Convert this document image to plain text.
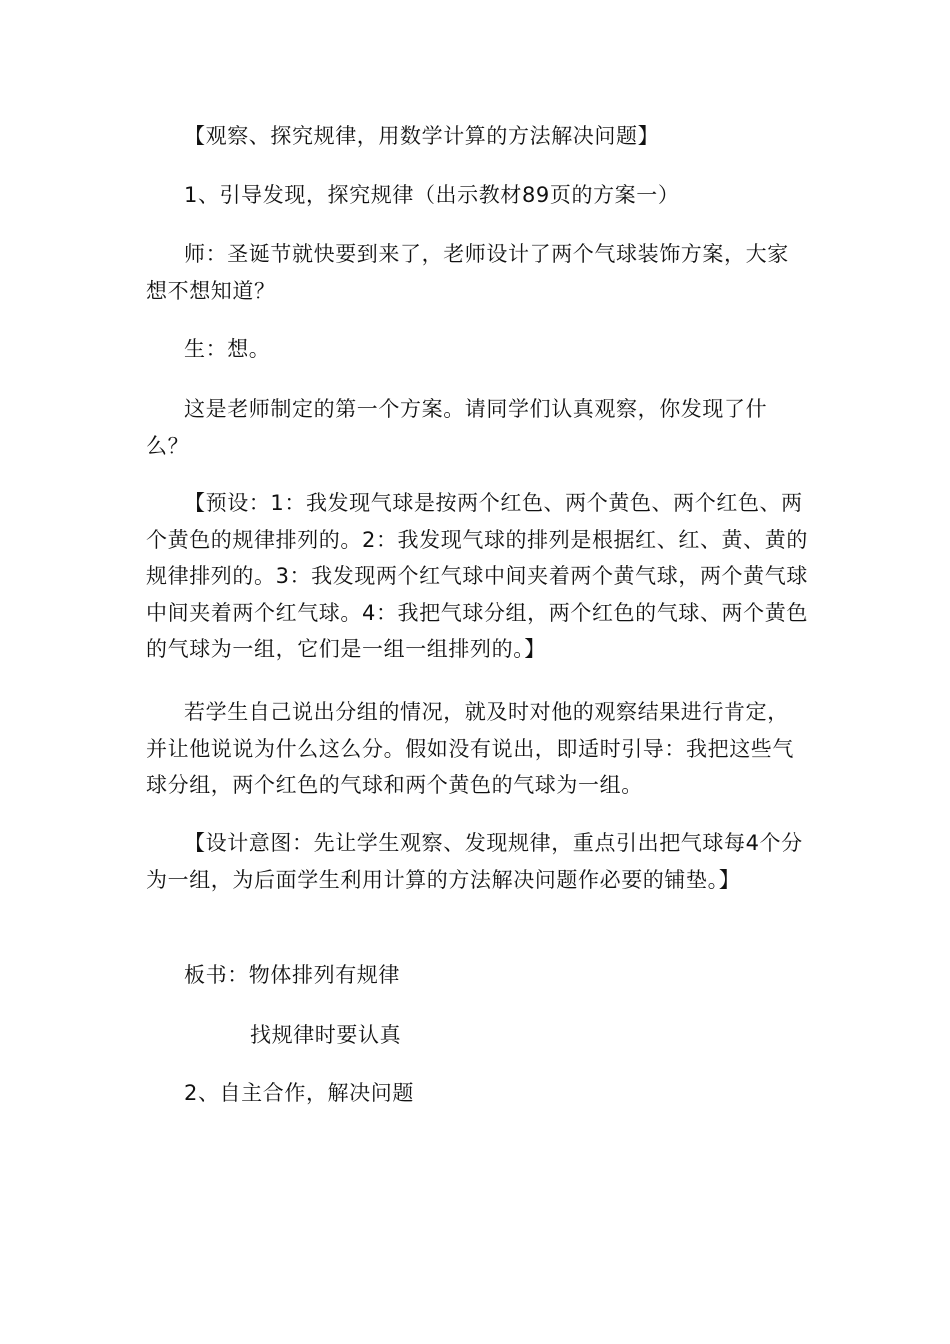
【观察、探究规律，用数学计算的方法解决问题】
1、引导发现，探究规律（出示教材89页的方案一）
师：圣诞节就快要到来了，老师设计了两个气球装饰方案，大家想不想知道？
生：想。
这是老师制定的第一个方案。请同学们认真观察，你发现了什么？
【预设：1：我发现气球是按两个红色、两个黄色、两个红色、两个黄色的规律排列的。2：我发现气球的排列是根据红、红、黄、黄的规律排列的。3：我发现两个红气球中间夹着两个黄气球，两个黄气球中间夹着两个红气球。4：我把气球分组，两个红色的气球、两个黄色的气球为一组，它们是一组一组排列的。】
若学生自己说出分组的情况，就及时对他的观察结果进行肯定，并让他说说为什么这么分。假如没有说出，即适时引导：我把这些气球分组，两个红色的气球和两个黄色的气球为一组。
【设计意图：先让学生观察、发现规律，重点引出把气球每4个分为一组，为后面学生利用计算的方法解决问题作必要的铺垫。】
板书：物体排列有规律
找规律时要认真
2、自主合作，解决问题
